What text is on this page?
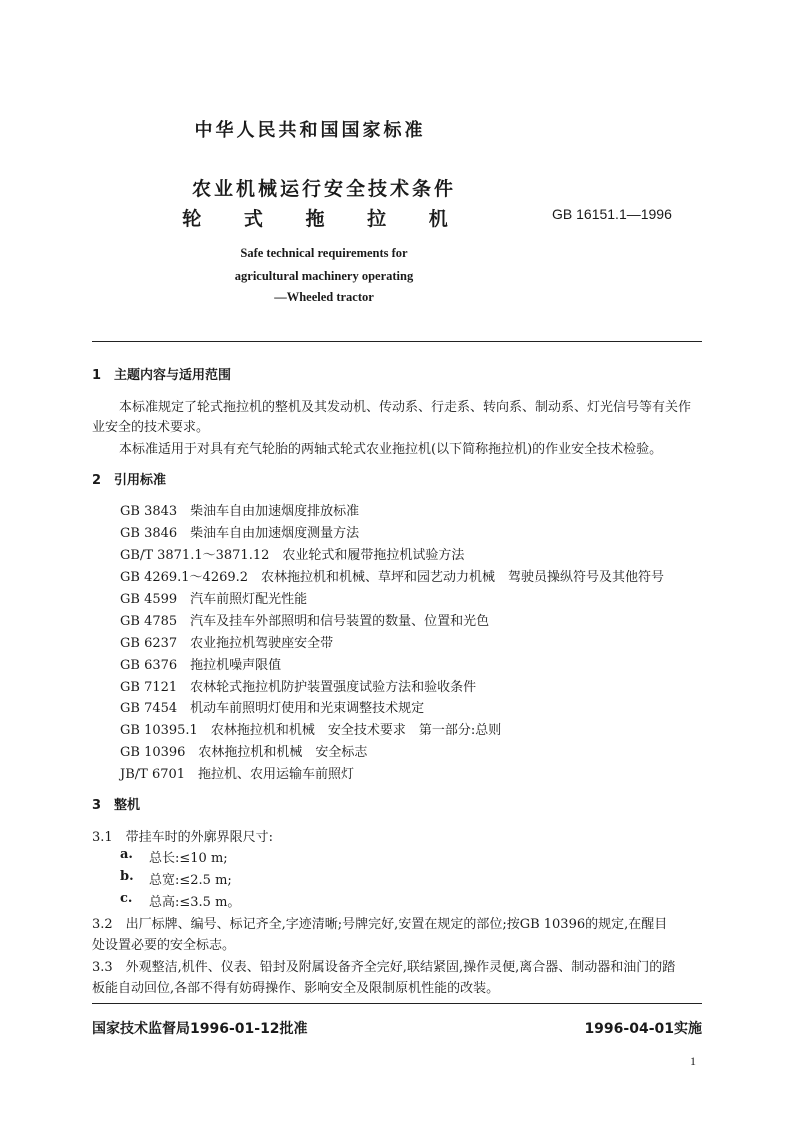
中华人民共和国国家标准
农业机械运行安全技术条件
轮 式 拖 拉 机	GB 16151.1—1996
Safe technical requirements for
agricultural machinery operating
—Wheeled tractor
1　主题内容与适用范围
本标准规定了轮式拖拉机的整机及其发动机、传动系、行走系、转向系、制动系、灯光信号等有关作
业安全的技术要求。
本标准适用于对具有充气轮胎的两轴式轮式农业拖拉机(以下简称拖拉机)的作业安全技术检验。
2　引用标准
GB 3843　柴油车自由加速烟度排放标准
GB 3846　柴油车自由加速烟度测量方法
GB/T 3871.1～3871.12　农业轮式和履带拖拉机试验方法
GB 4269.1～4269.2　农林拖拉机和机械、草坪和园艺动力机械　驾驶员操纵符号及其他符号
GB 4599　汽车前照灯配光性能
GB 4785　汽车及挂车外部照明和信号装置的数量、位置和光色
GB 6237　农业拖拉机驾驶座安全带
GB 6376　拖拉机噪声限值
GB 7121　农林轮式拖拉机防护装置强度试验方法和验收条件
GB 7454　机动车前照明灯使用和光束调整技术规定
GB 10395.1　农林拖拉机和机械　安全技术要求　第一部分:总则
GB 10396　农林拖拉机和机械　安全标志
JB/T 6701　拖拉机、农用运输车前照灯
3　整机
3.1　带挂车时的外廓界限尺寸:
a. 总长:≤10 m;
b. 总宽:≤2.5 m;
c. 总高:≤3.5 m。
3.2　出厂标牌、编号、标记齐全,字迹清晰;号牌完好,安置在规定的部位;按GB 10396的规定,在醒目
处设置必要的安全标志。
3.3　外观整洁,机件、仪表、铅封及附属设备齐全完好,联结紧固,操作灵便,离合器、制动器和油门的踏
板能自动回位,各部不得有妨碍操作、影响安全及限制原机性能的改装。
国家技术监督局1996-01-12批准	1996-04-01实施
1
